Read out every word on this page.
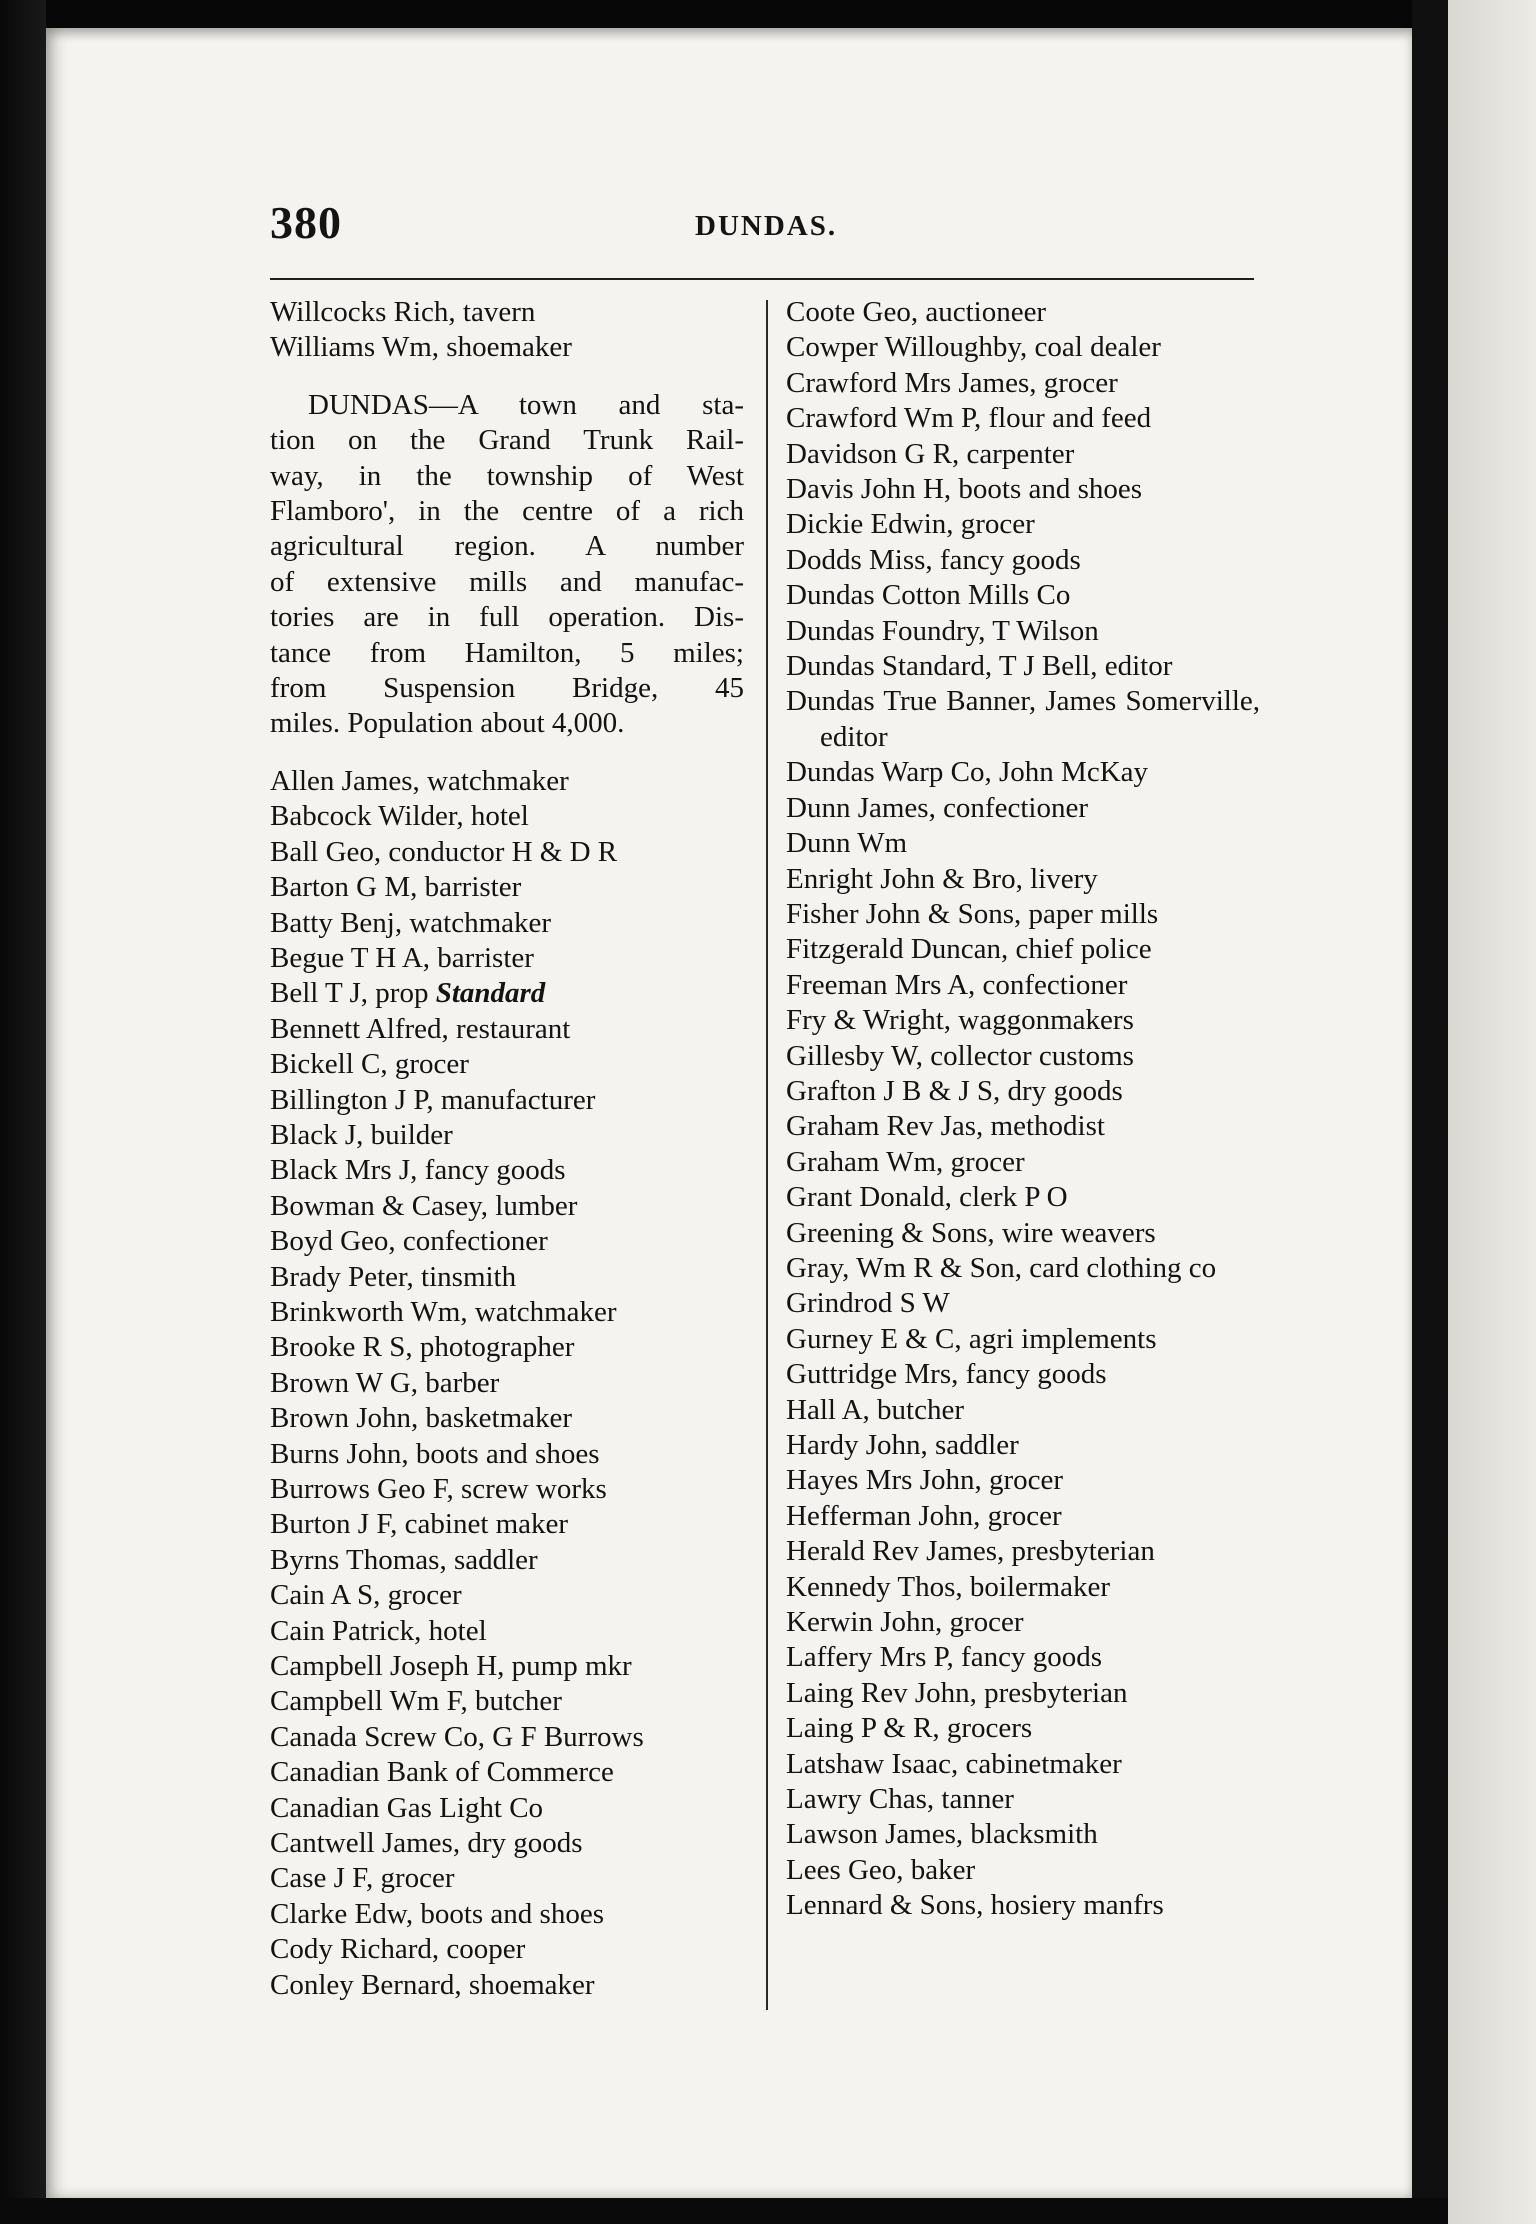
380	DUNDAS.
Willcocks Rich, tavern
Williams Wm, shoemaker
DUNDAS—A town and sta-
tion on the Grand Trunk Rail-
way, in the township of West
Flamboro', in the centre of a rich
agricultural region. A number
of extensive mills and manufac-
tories are in full operation. Dis-
tance from Hamilton, 5 miles;
from Suspension Bridge, 45
miles. Population about 4,000.
Allen James, watchmaker
Babcock Wilder, hotel
Ball Geo, conductor H & D R
Barton G M, barrister
Batty Benj, watchmaker
Begue T H A, barrister
Bell T J, prop Standard
Bennett Alfred, restaurant
Bickell C, grocer
Billington J P, manufacturer
Black J, builder
Black Mrs J, fancy goods
Bowman & Casey, lumber
Boyd Geo, confectioner
Brady Peter, tinsmith
Brinkworth Wm, watchmaker
Brooke R S, photographer
Brown W G, barber
Brown John, basketmaker
Burns John, boots and shoes
Burrows Geo F, screw works
Burton J F, cabinet maker
Byrns Thomas, saddler
Cain A S, grocer
Cain Patrick, hotel
Campbell Joseph H, pump mkr
Campbell Wm F, butcher
Canada Screw Co, G F Burrows
Canadian Bank of Commerce
Canadian Gas Light Co
Cantwell James, dry goods
Case J F, grocer
Clarke Edw, boots and shoes
Cody Richard, cooper
Conley Bernard, shoemaker
Coote Geo, auctioneer
Cowper Willoughby, coal dealer
Crawford Mrs James, grocer
Crawford Wm P, flour and feed
Davidson G R, carpenter
Davis John H, boots and shoes
Dickie Edwin, grocer
Dodds Miss, fancy goods
Dundas Cotton Mills Co
Dundas Foundry, T Wilson
Dundas Standard, T J Bell, editor
Dundas True Banner, James Somerville, editor
Dundas Warp Co, John McKay
Dunn James, confectioner
Dunn Wm
Enright John & Bro, livery
Fisher John & Sons, paper mills
Fitzgerald Duncan, chief police
Freeman Mrs A, confectioner
Fry & Wright, waggonmakers
Gillesby W, collector customs
Grafton J B & J S, dry goods
Graham Rev Jas, methodist
Graham Wm, grocer
Grant Donald, clerk P O
Greening & Sons, wire weavers
Gray, Wm R & Son, card clothing co
Grindrod S W
Gurney E & C, agri implements
Guttridge Mrs, fancy goods
Hall A, butcher
Hardy John, saddler
Hayes Mrs John, grocer
Hefferman John, grocer
Herald Rev James, presbyterian
Kennedy Thos, boilermaker
Kerwin John, grocer
Laffery Mrs P, fancy goods
Laing Rev John, presbyterian
Laing P & R, grocers
Latshaw Isaac, cabinetmaker
Lawry Chas, tanner
Lawson James, blacksmith
Lees Geo, baker
Lennard & Sons, hosiery manfrs
